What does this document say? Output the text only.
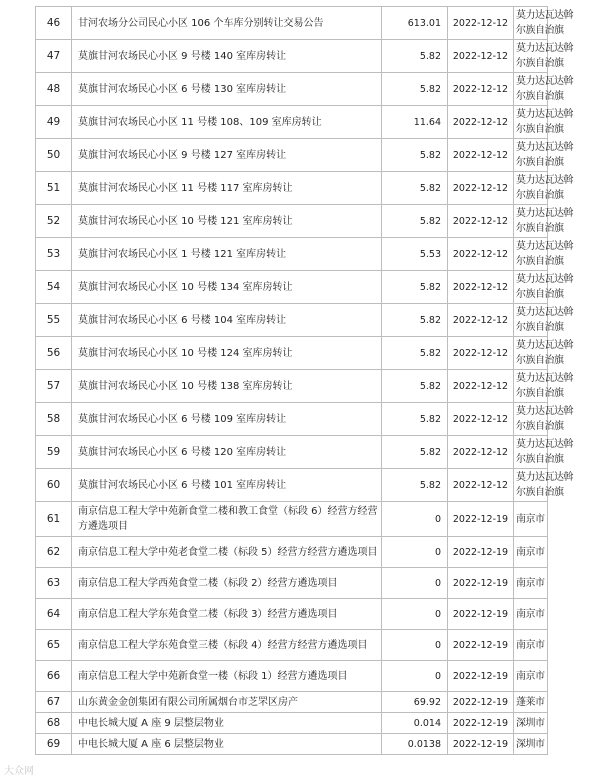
46	甘河农场分公司民心小区 106 个车库分别转让交易公告	613.01	2022-12-12	莫力达瓦达斡尔族自治旗

47	莫旗甘河农场民心小区 9 号楼 140 室库房转让	5.82	2022-12-12	莫力达瓦达斡尔族自治旗

48	莫旗甘河农场民心小区 6 号楼 130 室库房转让	5.82	2022-12-12	莫力达瓦达斡尔族自治旗

49	莫旗甘河农场民心小区 11 号楼 108、109 室库房转让	11.64	2022-12-12	莫力达瓦达斡尔族自治旗

50	莫旗甘河农场民心小区 9 号楼 127 室库房转让	5.82	2022-12-12	莫力达瓦达斡尔族自治旗

51	莫旗甘河农场民心小区 11 号楼 117 室库房转让	5.82	2022-12-12	莫力达瓦达斡尔族自治旗

52	莫旗甘河农场民心小区 10 号楼 121 室库房转让	5.82	2022-12-12	莫力达瓦达斡尔族自治旗

53	莫旗甘河农场民心小区 1 号楼 121 室库房转让	5.53	2022-12-12	莫力达瓦达斡尔族自治旗

54	莫旗甘河农场民心小区 10 号楼 134 室库房转让	5.82	2022-12-12	莫力达瓦达斡尔族自治旗

55	莫旗甘河农场民心小区 6 号楼 104 室库房转让	5.82	2022-12-12	莫力达瓦达斡尔族自治旗

56	莫旗甘河农场民心小区 10 号楼 124 室库房转让	5.82	2022-12-12	莫力达瓦达斡尔族自治旗

57	莫旗甘河农场民心小区 10 号楼 138 室库房转让	5.82	2022-12-12	莫力达瓦达斡尔族自治旗

58	莫旗甘河农场民心小区 6 号楼 109 室库房转让	5.82	2022-12-12	莫力达瓦达斡尔族自治旗

59	莫旗甘河农场民心小区 6 号楼 120 室库房转让	5.82	2022-12-12	莫力达瓦达斡尔族自治旗

60	莫旗甘河农场民心小区 6 号楼 101 室库房转让	5.82	2022-12-12	莫力达瓦达斡尔族自治旗

61	南京信息工程大学中苑新食堂二楼和教工食堂（标段 6）经营方经营方遴选项目	0	2022-12-19	南京市

62	南京信息工程大学中苑老食堂二楼（标段 5）经营方经营方遴选项目	0	2022-12-19	南京市

63	南京信息工程大学西苑食堂二楼（标段 2）经营方遴选项目	0	2022-12-19	南京市

64	南京信息工程大学东苑食堂二楼（标段 3）经营方遴选项目	0	2022-12-19	南京市

65	南京信息工程大学东苑食堂三楼（标段 4）经营方经营方遴选项目	0	2022-12-19	南京市

66	南京信息工程大学中苑新食堂一楼（标段 1）经营方遴选项目	0	2022-12-19	南京市

67	山东黄金金创集团有限公司所属烟台市芝罘区房产	69.92	2022-12-19	蓬莱市

68	中电长城大厦 A 座 9 层整层物业	0.014	2022-12-19	深圳市

69	中电长城大厦 A 座 6 层整层物业	0.0138	2022-12-19	深圳市
大众网
